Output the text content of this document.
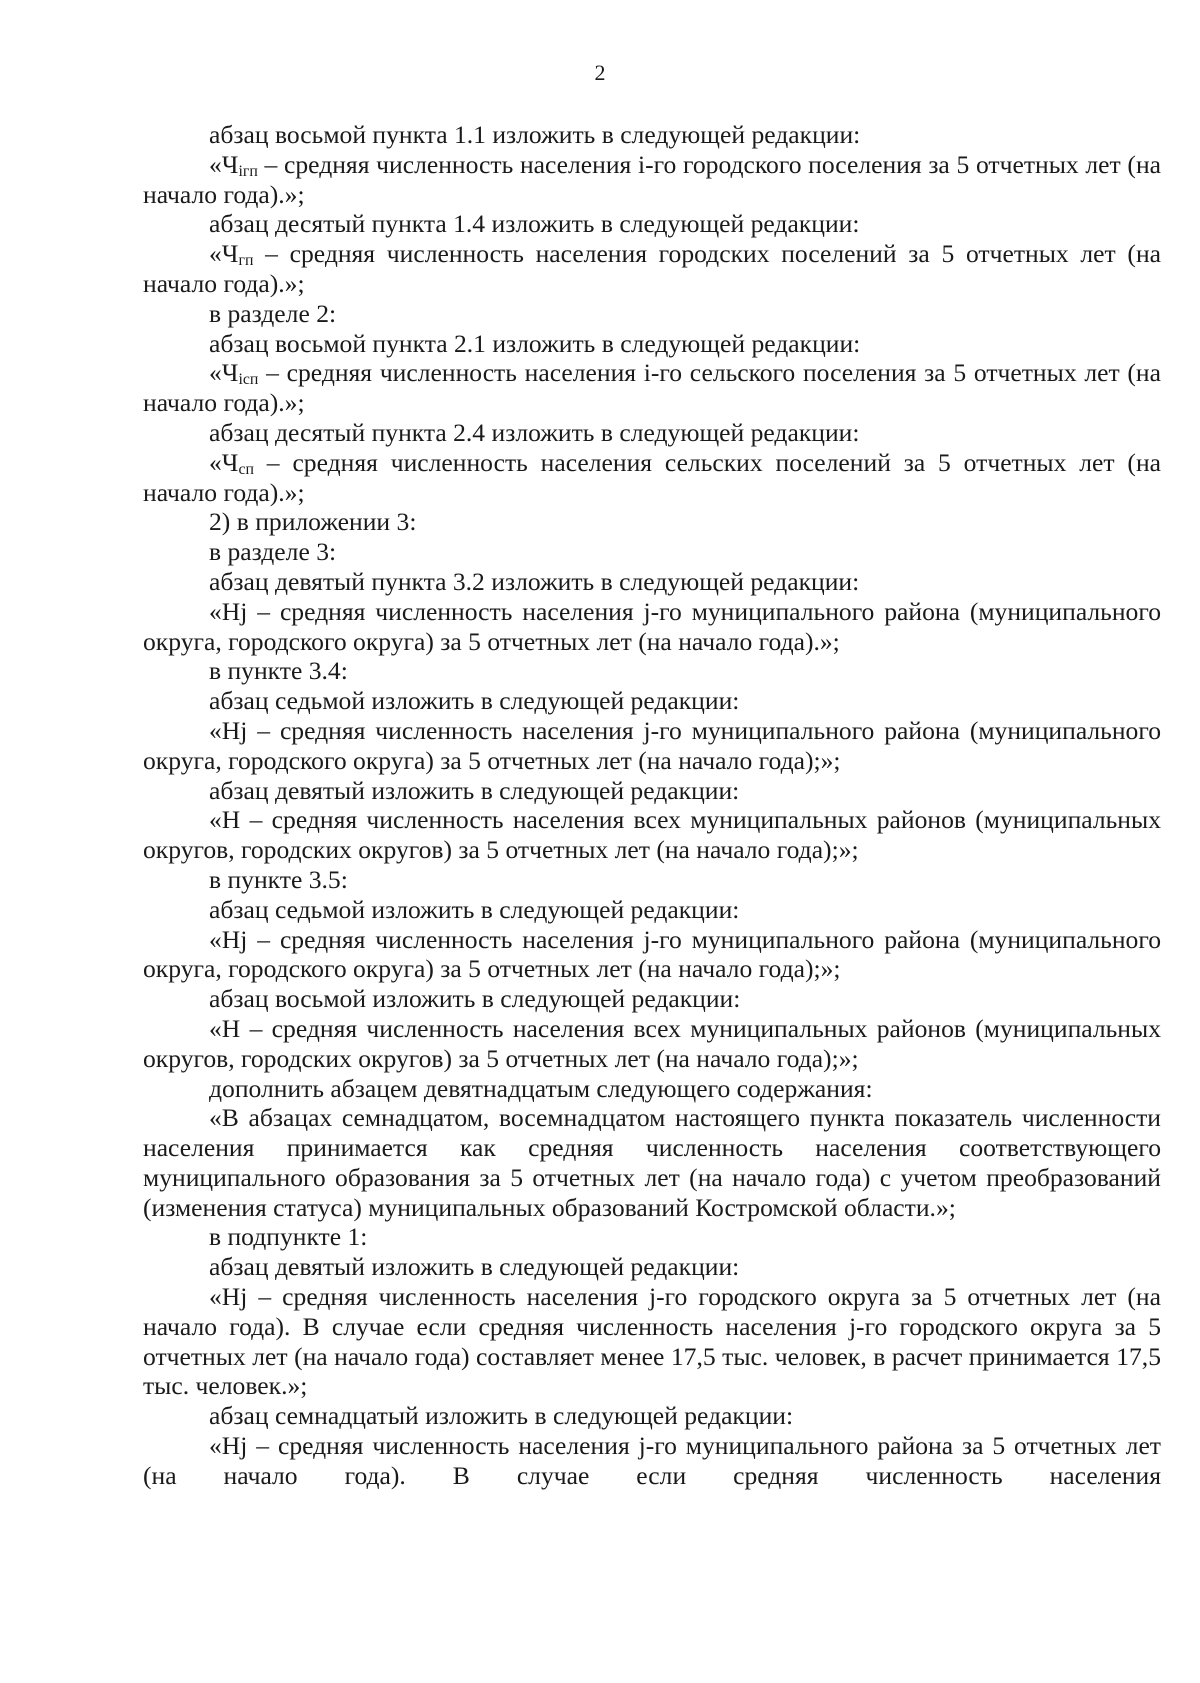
2

абзац восьмой пункта 1.1 изложить в следующей редакции:

«$Ч_{iгп}$ – средняя численность населения i-го городского поселения за 5 отчетных лет (на начало года).»;

абзац десятый пункта 1.4 изложить в следующей редакции:

«$Ч_{гп}$ – средняя численность населения городских поселений за 5 отчетных лет (на начало года).»;

в разделе 2:

абзац восьмой пункта 2.1 изложить в следующей редакции:

«$Ч_{iсп}$ – средняя численность населения i-го сельского поселения за 5 отчетных лет (на начало года).»;

абзац десятый пункта 2.4 изложить в следующей редакции:

«$Ч_{сп}$ – средняя численность населения сельских поселений за 5 отчетных лет (на начало года).»;

2) в приложении 3:

в разделе 3:

абзац девятый пункта 3.2 изложить в следующей редакции:

«Hj – средняя численность населения j-го муниципального района (муниципального округа, городского округа) за 5 отчетных лет (на начало года).»;

в пункте 3.4:

абзац седьмой изложить в следующей редакции:

«Hj – средняя численность населения j-го муниципального района (муниципального округа, городского округа) за 5 отчетных лет (на начало года);»;

абзац девятый изложить в следующей редакции:

«Н – средняя численность населения всех муниципальных районов (муниципальных округов, городских округов) за 5 отчетных лет (на начало года);»;

в пункте 3.5:

абзац седьмой изложить в следующей редакции:

«Hj – средняя численность населения j-го муниципального района (муниципального округа, городского округа) за 5 отчетных лет (на начало года);»;

абзац восьмой изложить в следующей редакции:

«Н – средняя численность населения всех муниципальных районов (муниципальных округов, городских округов) за 5 отчетных лет (на начало года);»;

дополнить абзацем девятнадцатым следующего содержания:

«В абзацах семнадцатом, восемнадцатом настоящего пункта показатель численности населения принимается как средняя численность населения соответствующего муниципального образования за 5 отчетных лет (на начало года) с учетом преобразований (изменения статуса) муниципальных образований Костромской области.»;

в подпункте 1:

абзац девятый изложить в следующей редакции:

«Hj – средняя численность населения j-го городского округа за 5 отчетных лет (на начало года). В случае если средняя численность населения j-го городского округа за 5 отчетных лет (на начало года) составляет менее 17,5 тыс. человек, в расчет принимается 17,5 тыс. человек.»;

абзац семнадцатый изложить в следующей редакции:

«Hj – средняя численность населения j-го муниципального района за 5 отчетных лет (на начало года). В случае если средняя численность населения
